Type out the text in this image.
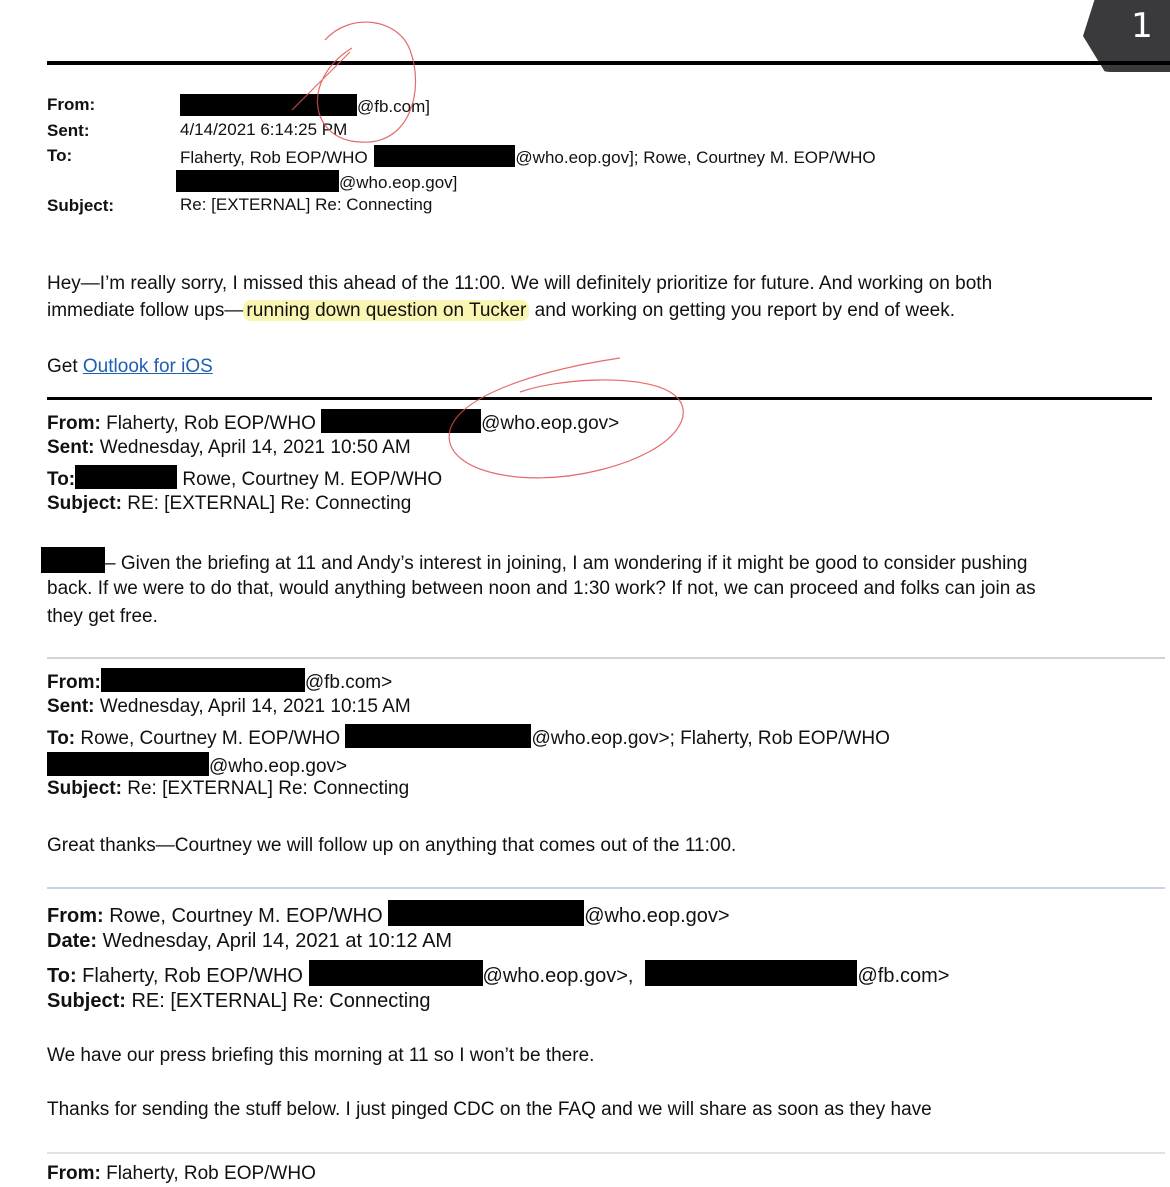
1
From:	@fb.com]
Sent:	4/14/2021 6:14:25 PM
To:	Flaherty, Rob EOP/WHO	@who.eop.gov]; Rowe, Courtney M. EOP/WHO
@who.eop.gov]
Subject:	Re: [EXTERNAL] Re: Connecting
Hey—I’m really sorry, I missed this ahead of the 11:00. We will definitely prioritize for future. And working on both
immediate follow ups— running down question on Tucker and working on getting you report by end of week.
Get Outlook for iOS
From: Flaherty, Rob EOP/WHO	@who.eop.gov>
Sent: Wednesday, April 14, 2021 10:50 AM
To:	Rowe, Courtney M. EOP/WHO
Subject: RE: [EXTERNAL] Re: Connecting
– Given the briefing at 11 and Andy’s interest in joining, I am wondering if it might be good to consider pushing
back. If we were to do that, would anything between noon and 1:30 work? If not, we can proceed and folks can join as
they get free.
From:	@fb.com>
Sent: Wednesday, April 14, 2021 10:15 AM
To: Rowe, Courtney M. EOP/WHO	@who.eop.gov>; Flaherty, Rob EOP/WHO
@who.eop.gov>
Subject: Re: [EXTERNAL] Re: Connecting
Great thanks—Courtney we will follow up on anything that comes out of the 11:00.
From: Rowe, Courtney M. EOP/WHO	@who.eop.gov>
Date: Wednesday, April 14, 2021 at 10:12 AM
To: Flaherty, Rob EOP/WHO	@who.eop.gov>,	@fb.com>
Subject: RE: [EXTERNAL] Re: Connecting
We have our press briefing this morning at 11 so I won’t be there.
Thanks for sending the stuff below. I just pinged CDC on the FAQ and we will share as soon as they have
From: Flaherty, Rob EOP/WHO
